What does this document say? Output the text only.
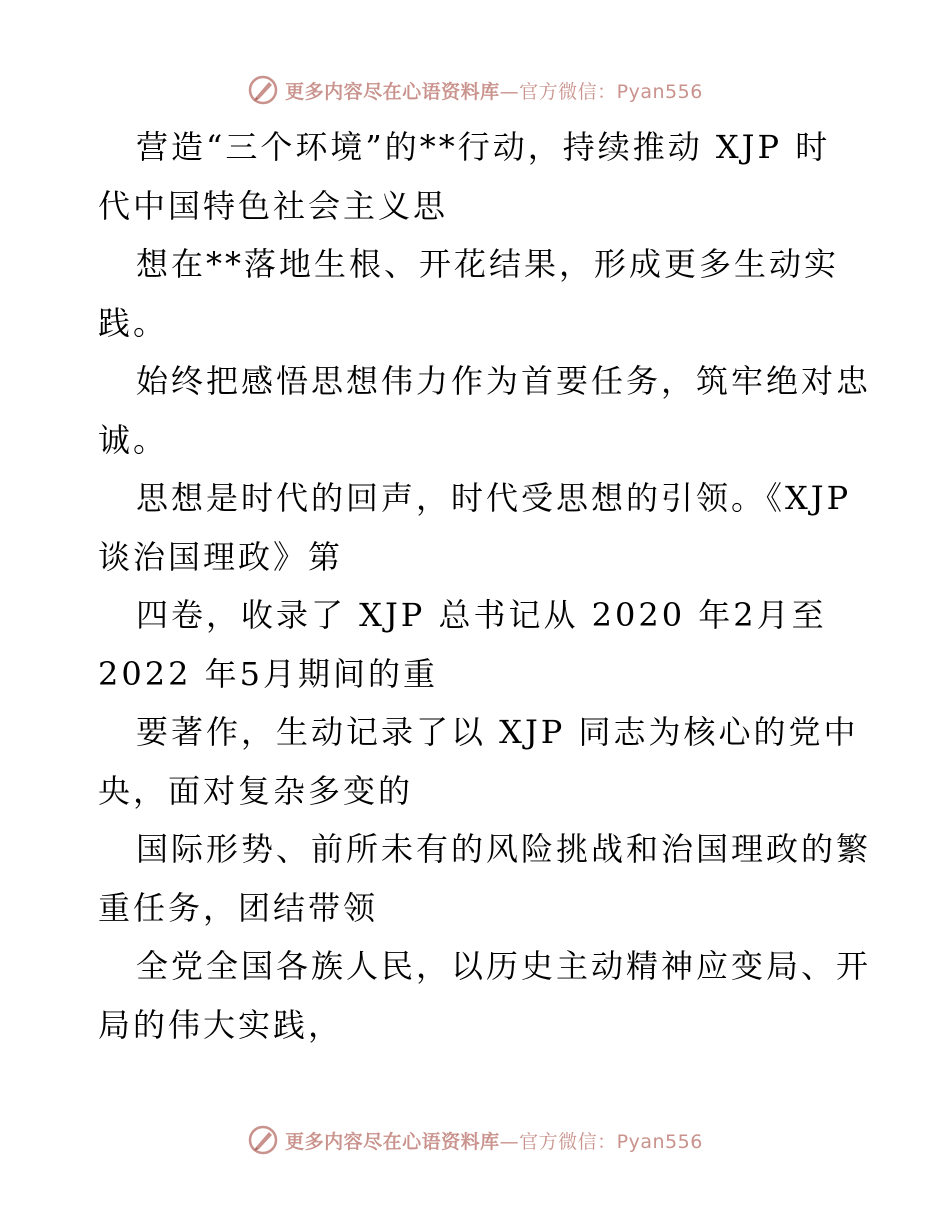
更多内容尽在心语资料库—官方微信：Pyan556
营造“三个环境”的**行动，持续推动 XJP 时
代中国特色社会主义思
想在**落地生根、开花结果，形成更多生动实
践。
始终把感悟思想伟力作为首要任务，筑牢绝对忠
诚。
思想是时代的回声，时代受思想的引领。《XJP
谈治国理政》第
四卷，收录了 XJP 总书记从 2020 年2月至
2022 年5月期间的重
要著作，生动记录了以 XJP 同志为核心的党中
央，面对复杂多变的
国际形势、前所未有的风险挑战和治国理政的繁
重任务，团结带领
全党全国各族人民，以历史主动精神应变局、开
局的伟大实践，
更多内容尽在心语资料库—官方微信：Pyan556
